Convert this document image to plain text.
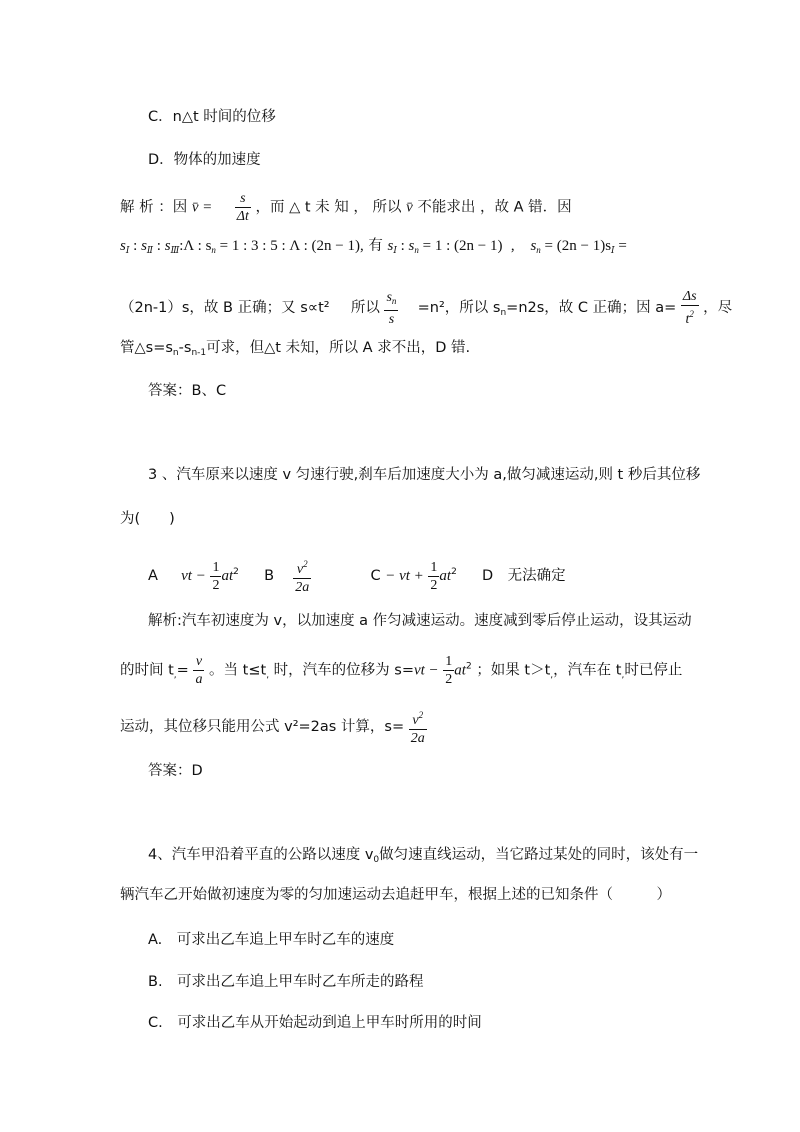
C．n△t 时间的位移
D．物体的加速度
解 析 ：因 v̄ = $\frac{s}{\Delta t}$ ，而 △ t 未 知 ， 所以 v̄ 不能求出 ，故 A 错．因
$s_Ⅰ$ : $s_Ⅱ$ : $s_Ⅲ:\Lambda$ : $s_n = 1$ : 3 : 5 : Λ : (2n − 1), 有 $s_Ⅰ$ : $s_n = 1$ : (2n − 1)  ,    $s_n = (2n - 1)s_Ⅰ$ =
（2n-1）s，故 B 正确；又 s∝t² 所以 $\frac{s_n}{s} =n^2$，所以 $s_n=n2s$，故 C 正确；因 $a= \frac{\Delta s}{t^2}$ ，尽
管$\triangle s=s_n-s_{n-1}$可求，但△t 未知，所以 A 求不出，D 错.
答案：B、C
3 、汽车原来以速度 v 匀速行驶,刹车后加速度大小为 a,做匀减速运动,则 t 秒后其位移
为(　　)
A vt − $\frac{1}{2} at^2$ B $\frac{v^2}{2a}$	C − vt + $\frac{1}{2} at^2$ D　无法确定
解析:汽车初速度为 v，以加速度 a 作匀减速运动。速度减到零后停止运动，设其运动
的时间 $t_,= \frac{v}{a}$ 。当 $t\le t_,$ 时，汽车的位移为 $s=vt - \frac{1}{2} at^2$ ；如果 $t>t_,$，汽车在 $t_,$时已停止
运动，其位移只能用公式 v²=2as 计算，$s= \frac{v^2}{2a}$
答案：D
4、汽车甲沿着平直的公路以速度 $v_0$做匀速直线运动，当它路过某处的同时，该处有一
辆汽车乙开始做初速度为零的匀加速运动去追赶甲车，根据上述的已知条件（　　　）
A.　可求出乙车追上甲车时乙车的速度
B.　可求出乙车追上甲车时乙车所走的路程
C.　可求出乙车从开始起动到追上甲车时所用的时间
